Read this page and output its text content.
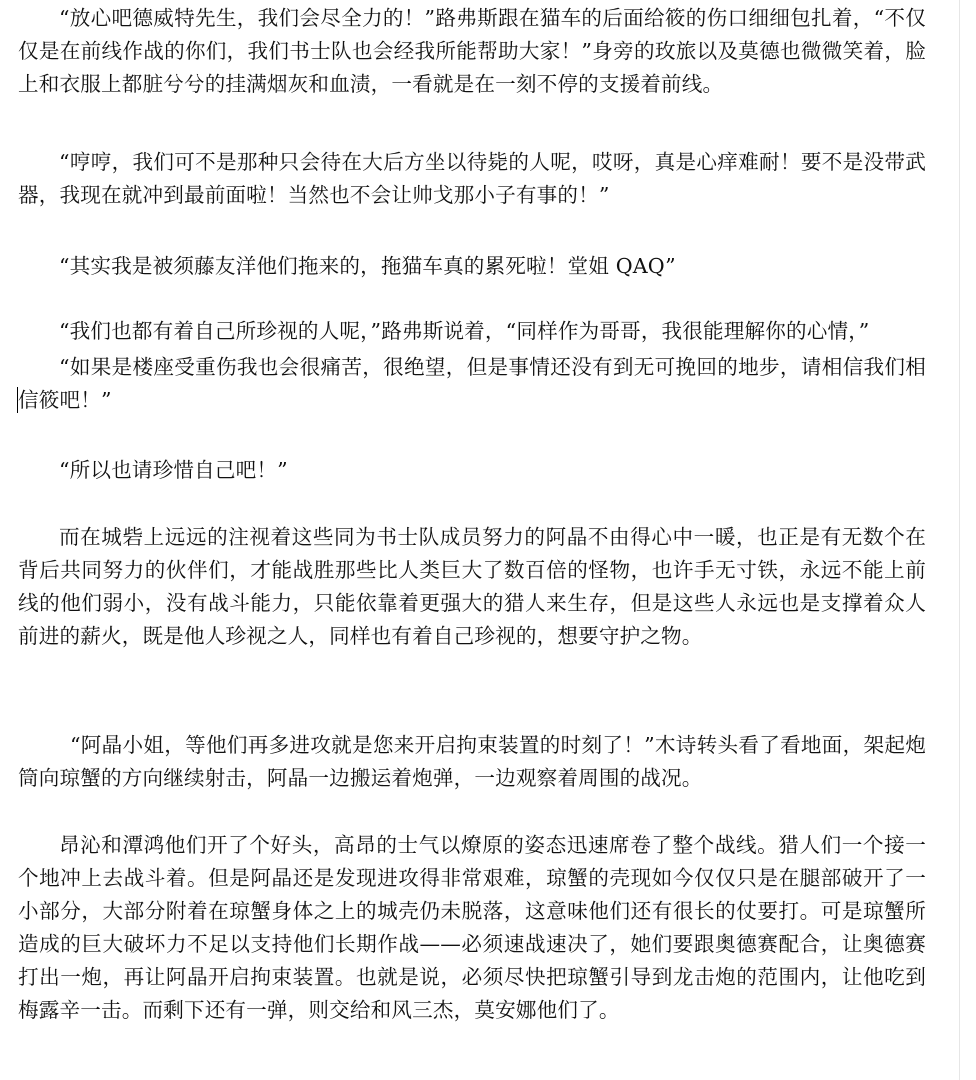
“放心吧德威特先生，我们会尽全力的！”路弗斯跟在猫车的后面给筱的伤口细细包扎着，“不仅仅是在前线作战的你们，我们书士队也会经我所能帮助大家！”身旁的玫旅以及莫德也微微笑着，脸上和衣服上都脏兮兮的挂满烟灰和血渍，一看就是在一刻不停的支援着前线。

“哼哼，我们可不是那种只会待在大后方坐以待毙的人呢，哎呀，真是心痒难耐！要不是没带武器，我现在就冲到最前面啦！当然也不会让帅戈那小子有事的！”

“其实我是被须藤友洋他们拖来的，拖猫车真的累死啦！堂姐 QAQ”

“我们也都有着自己所珍视的人呢，”路弗斯说着，“同样作为哥哥，我很能理解你的心情，”

“如果是楼座受重伤我也会很痛苦，很绝望，但是事情还没有到无可挽回的地步，请相信我们相信筱吧！”

“所以也请珍惜自己吧！”

而在城砦上远远的注视着这些同为书士队成员努力的阿晶不由得心中一暖，也正是有无数个在背后共同努力的伙伴们，才能战胜那些比人类巨大了数百倍的怪物，也许手无寸铁，永远不能上前线的他们弱小，没有战斗能力，只能依靠着更强大的猎人来生存，但是这些人永远也是支撑着众人前进的薪火，既是他人珍视之人，同样也有着自己珍视的，想要守护之物。

“阿晶小姐，等他们再多进攻就是您来开启拘束装置的时刻了！”木诗转头看了看地面，架起炮筒向琼蟹的方向继续射击，阿晶一边搬运着炮弹，一边观察着周围的战况。

昂沁和潭鸿他们开了个好头，高昂的士气以燎原的姿态迅速席卷了整个战线。猎人们一个接一个地冲上去战斗着。但是阿晶还是发现进攻得非常艰难，琼蟹的壳现如今仅仅只是在腿部破开了一小部分，大部分附着在琼蟹身体之上的城壳仍未脱落，这意味他们还有很长的仗要打。可是琼蟹所造成的巨大破坏力不足以支持他们长期作战——必须速战速决了，她们要跟奥德赛配合，让奥德赛打出一炮，再让阿晶开启拘束装置。也就是说，必须尽快把琼蟹引导到龙击炮的范围内，让他吃到梅露辛一击。而剩下还有一弹，则交给和风三杰，莫安娜他们了。
